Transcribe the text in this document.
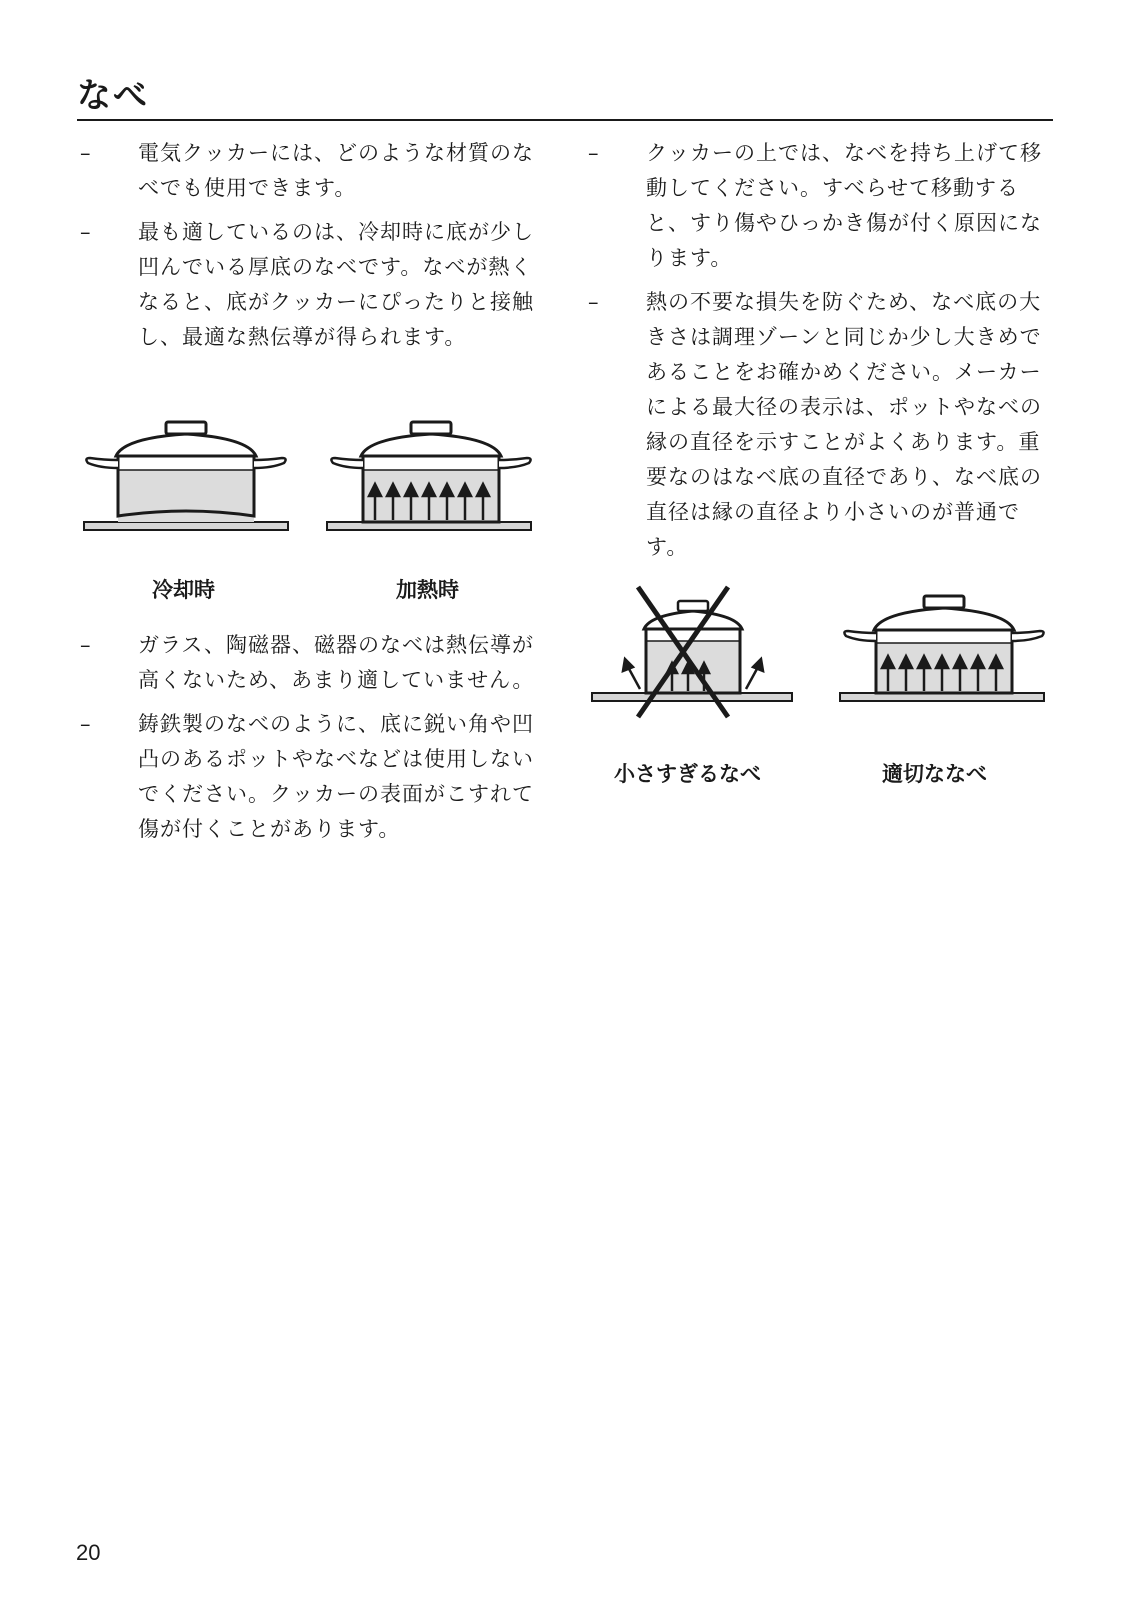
なべ
–	電気クッカーには、どのような材質のなべでも使用できます。
–	最も適しているのは、冷却時に底が少し凹んでいる厚底のなべです。なべが熱くなると、底がクッカーにぴったりと接触し、最適な熱伝導が得られます。
冷却時	加熱時
–	ガラス、陶磁器、磁器のなべは熱伝導が高くないため、あまり適していません。
–	鋳鉄製のなべのように、底に鋭い角や凹凸のあるポットやなべなどは使用しないでください。クッカーの表面がこすれて傷が付くことがあります。
–	クッカーの上では、なべを持ち上げて移動してください。すべらせて移動すると、すり傷やひっかき傷が付く原因になります。
–	熱の不要な損失を防ぐため、なべ底の大きさは調理ゾーンと同じか少し大きめであることをお確かめください。メーカーによる最大径の表示は、ポットやなべの縁の直径を示すことがよくあります。重要なのはなべ底の直径であり、なべ底の直径は縁の直径より小さいのが普通です。
小さすぎるなべ	適切ななべ
20
